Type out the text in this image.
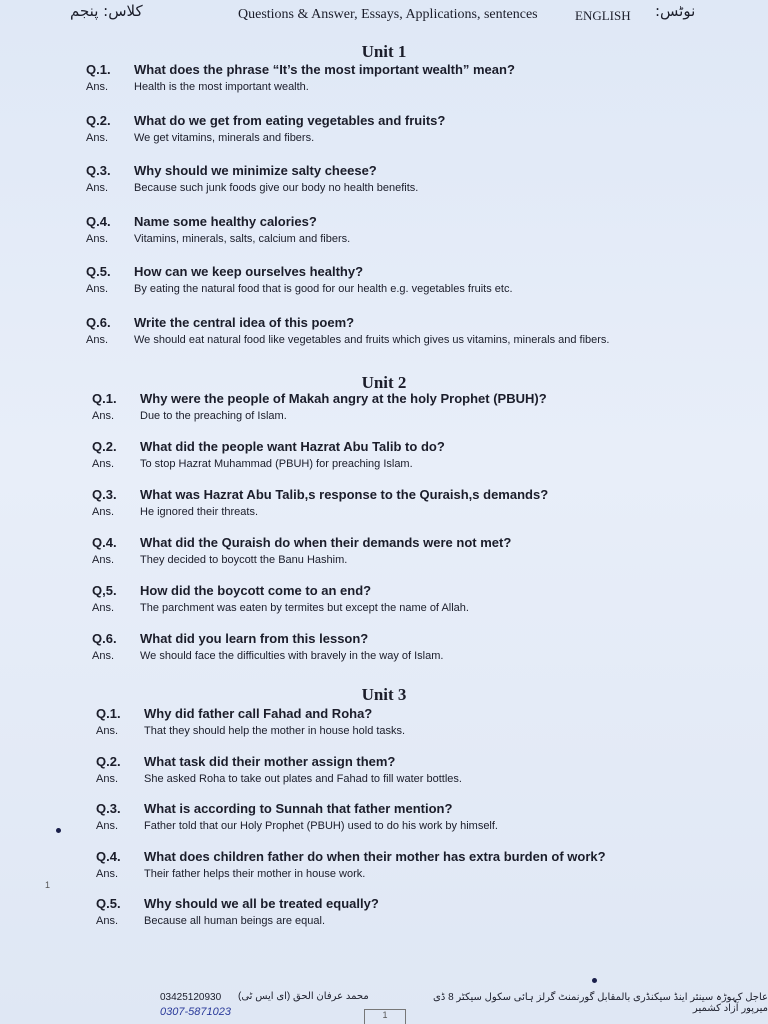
کلاس: پنجم	Questions & Answer, Essays, Applications, sentences	ENGLISH نوٹس:
Unit 1
Q.1. What does the phrase “It’s the most important wealth” mean?
Ans. Health is the most important wealth.
Q.2. What do we get from eating vegetables and fruits?
Ans. We get vitamins, minerals and fibers.
Q.3. Why should we minimize salty cheese?
Ans. Because such junk foods give our body no health benefits.
Q.4. Name some healthy calories?
Ans. Vitamins, minerals, salts, calcium and fibers.
Q.5. How can we keep ourselves healthy?
Ans. By eating the natural food that is good for our health e.g. vegetables fruits etc.
Q.6. Write the central idea of this poem?
Ans. We should eat natural food like vegetables and fruits which gives us vitamins, minerals and fibers.
Unit 2
Q.1. Why were the people of Makah angry at the holy Prophet (PBUH)?
Ans. Due to the preaching of Islam.
Q.2. What did the people want Hazrat Abu Talib to do?
Ans. To stop Hazrat Muhammad (PBUH) for preaching Islam.
Q.3. What was Hazrat Abu Talib,s response to the Quraish,s demands?
Ans. He ignored their threats.
Q.4. What did the Quraish do when their demands were not met?
Ans. They decided to boycott the Banu Hashim.
Q,5. How did the boycott come to an end?
Ans. The parchment was eaten by termites but except the name of Allah.
Q.6. What did you learn from this lesson?
Ans. We should face the difficulties with bravely in the way of Islam.
Unit 3
Q.1. Why did father call Fahad and Roha?
Ans. That they should help the mother in house hold tasks.
Q.2. What task did their mother assign them?
Ans. She asked Roha to take out plates and Fahad to fill water bottles.
Q.3. What is according to Sunnah that father mention?
Ans. Father told that our Holy Prophet (PBUH) used to do his work by himself.
Q.4. What does children father do when their mother has extra burden of work?
Ans. Their father helps their mother in house work.
Q.5. Why should we all be treated equally?
Ans. Because all human beings are equal.
1
03425120930 محمد عرفان الحق (ای ایس ٹی)
0307-5871023
عاجل کہوڑہ سینئر اینڈ سیکنڈری بالمقابل گورنمنٹ گرلز ہائی سکول سیکٹر 8 ڈی میرپور آزاد کشمیر
1
